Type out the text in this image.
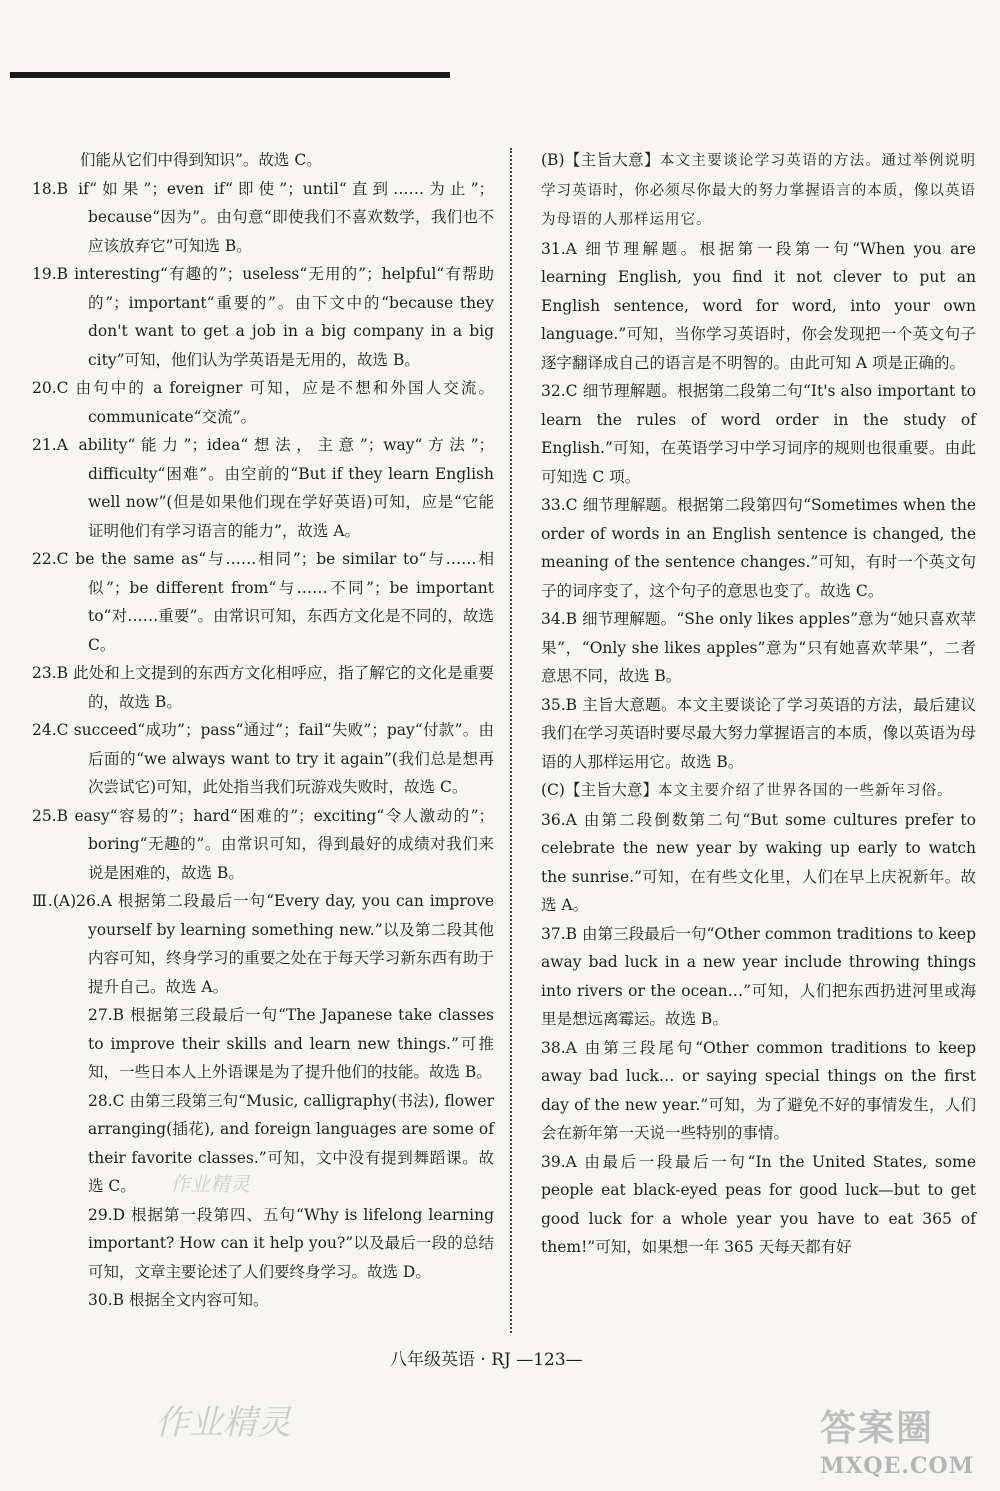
们能从它们中得到知识”。故选 C。

18.B if“如果”；even if“即使”；until“直到……为止”；because“因为”。由句意“即使我们不喜欢数学，我们也不应该放弃它”可知选 B。

19.B interesting“有趣的”；useless“无用的”；helpful“有帮助的”；important“重要的”。由下文中的“because they don't want to get a job in a big company in a big city”可知，他们认为学英语是无用的，故选 B。

20.C 由句中的 a foreigner 可知，应是不想和外国人交流。communicate“交流”。

21.A ability“能力”；idea“想法，主意”；way“方法”；difficulty“困难”。由空前的“But if they learn English well now”(但是如果他们现在学好英语)可知，应是“它能证明他们有学习语言的能力”，故选 A。

22.C be the same as“与……相同”；be similar to“与……相似”；be different from“与……不同”；be important to“对……重要”。由常识可知，东西方文化是不同的，故选 C。

23.B 此处和上文提到的东西方文化相呼应，指了解它的文化是重要的，故选 B。

24.C succeed“成功”；pass“通过”；fail“失败”；pay“付款”。由后面的“we always want to try it again”(我们总是想再次尝试它)可知，此处指当我们玩游戏失败时，故选 C。

25.B easy“容易的”；hard“困难的”；exciting“令人激动的”；boring“无趣的”。由常识可知，得到最好的成绩对我们来说是困难的，故选 B。

Ⅲ.(A)26.A 根据第二段最后一句“Every day, you can improve yourself by learning something new.”以及第二段其他内容可知，终身学习的重要之处在于每天学习新东西有助于提升自己。故选 A。

27.B 根据第三段最后一句“The Japanese take classes to improve their skills and learn new things.”可推知，一些日本人上外语课是为了提升他们的技能。故选 B。

28.C 由第三段第三句“Music, calligraphy(书法), flower arranging(插花), and foreign languages are some of their favorite classes.”可知，文中没有提到舞蹈课。故选 C。

29.D 根据第一段第四、五句“Why is lifelong learning important? How can it help you?”以及最后一段的总结可知，文章主要论述了人们要终身学习。故选 D。

30.B 根据全文内容可知。

(B)【主旨大意】本文主要谈论学习英语的方法。通过举例说明学习英语时，你必须尽你最大的努力掌握语言的本质，像以英语为母语的人那样运用它。

31.A 细节理解题。根据第一段第一句“When you are learning English, you find it not clever to put an English sentence, word for word, into your own language.”可知，当你学习英语时，你会发现把一个英文句子逐字翻译成自己的语言是不明智的。由此可知 A 项是正确的。

32.C 细节理解题。根据第二段第二句“It's also important to learn the rules of word order in the study of English.”可知，在英语学习中学习词序的规则也很重要。由此可知选 C 项。

33.C 细节理解题。根据第二段第四句“Sometimes when the order of words in an English sentence is changed, the meaning of the sentence changes.”可知，有时一个英文句子的词序变了，这个句子的意思也变了。故选 C。

34.B 细节理解题。“She only likes apples”意为“她只喜欢苹果”，“Only she likes apples”意为“只有她喜欢苹果”，二者意思不同，故选 B。

35.B 主旨大意题。本文主要谈论了学习英语的方法，最后建议我们在学习英语时要尽最大努力掌握语言的本质，像以英语为母语的人那样运用它。故选 B。

(C)【主旨大意】本文主要介绍了世界各国的一些新年习俗。

36.A 由第二段倒数第二句“But some cultures prefer to celebrate the new year by waking up early to watch the sunrise.”可知，在有些文化里，人们在早上庆祝新年。故选 A。

37.B 由第三段最后一句“Other common traditions to keep away bad luck in a new year include throwing things into rivers or the ocean…”可知，人们把东西扔进河里或海里是想远离霉运。故选 B。

38.A 由第三段尾句“Other common traditions to keep away bad luck… or saying special things on the first day of the new year.”可知，为了避免不好的事情发生，人们会在新年第一天说一些特别的事情。

39.A 由最后一段最后一句“In the United States, some people eat black-eyed peas for good luck—but to get good luck for a whole year you have to eat 365 of them!”可知，如果想一年 365 天每天都有好

作业精灵
八年级英语 · RJ —123—
作业精灵	答案圈
MXQE.COM
